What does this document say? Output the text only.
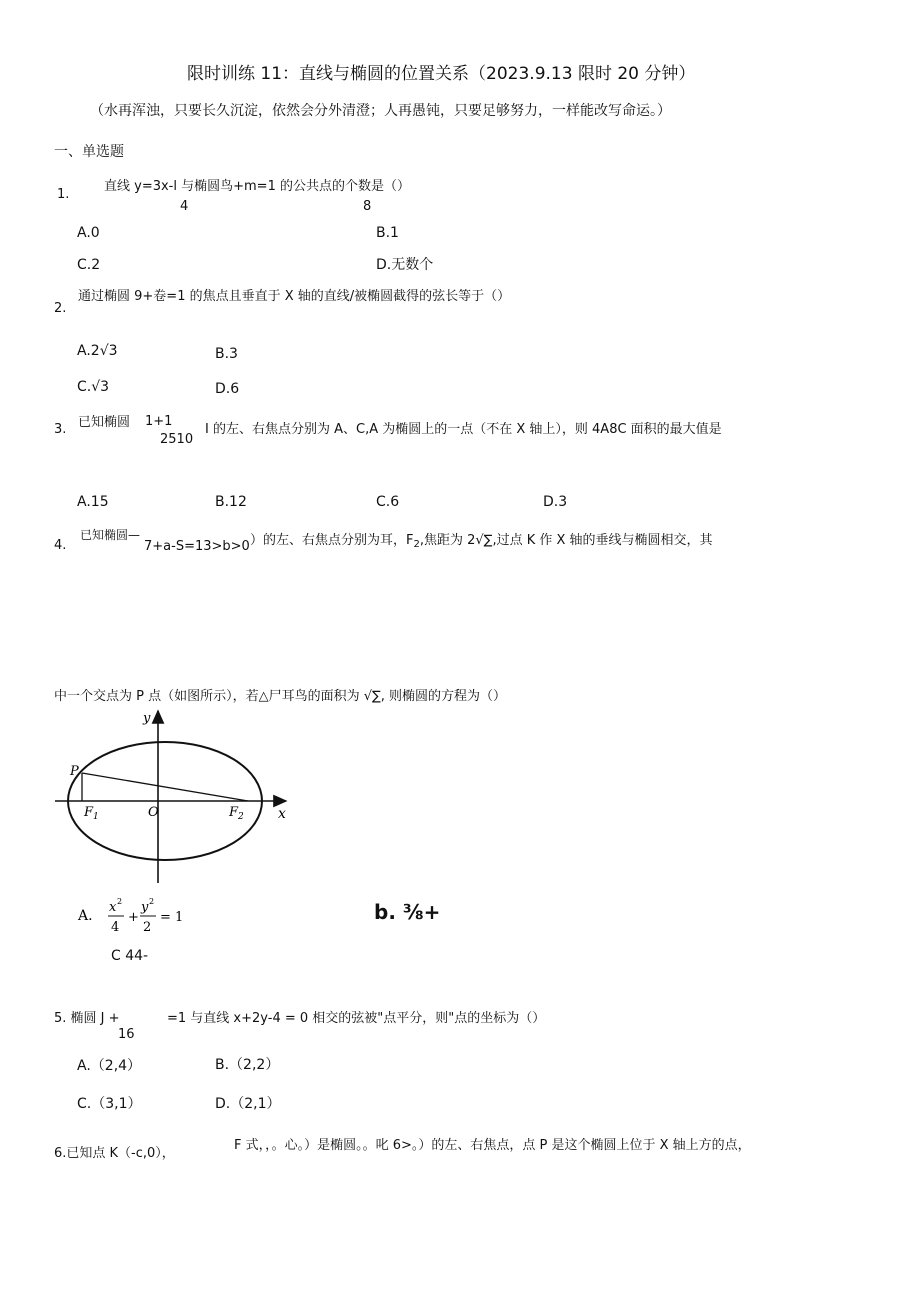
限时训练 11：直线与椭圆的位置关系（2023.9.13 限时 20 分钟）
（水再浑浊，只要长久沉淀，依然会分外清澄；人再愚钝，只要足够努力，一样能改写命运。）
一、单选题
1.
直线 y=3x-l 与椭圆鸟+m=1 的公共点的个数是（）
4	8
A.0	B.1
C.2	D.无数个
2.
通过椭圆 9+卷=1 的焦点且垂直于 X 轴的直线/被椭圆截得的弦长等于（）
A.2√3	B.3
C.√3	D.6
3. 已知椭圆 1+1
2510
I 的左、右焦点分别为 A、C,A 为椭圆上的一点（不在 X 轴上），则 4A8C 面积的最大值是
A.15	B.12	C.6	D.3
4.
已知椭圆—
7+a-S=13>b>0 ）的左、右焦点分别为耳，$F_2$,焦距为 2√∑,过点 K 作 X 轴的垂线与椭圆相交，其
中一个交点为 P 点（如图所示），若△尸耳鸟的面积为 √∑, 则椭圆的方程为（）
y
x
P
$F_1$	O	$F_2$
A.
x 2
4
+
y 2
2
= 1	b. ⅜+
C 44-
5. 椭圆 J +
16
=1 与直线 x+2y-4 = 0 相交的弦被"点平分，则"点的坐标为（）
A.（2,4）	B.（2,2）
C.（3,1）	D.（2,1）
6.已知点 K（-c,0），
F 式，，。心。）是椭圆。。叱 6>。）的左、右焦点，点 P 是这个椭圆上位于 X 轴上方的点，
